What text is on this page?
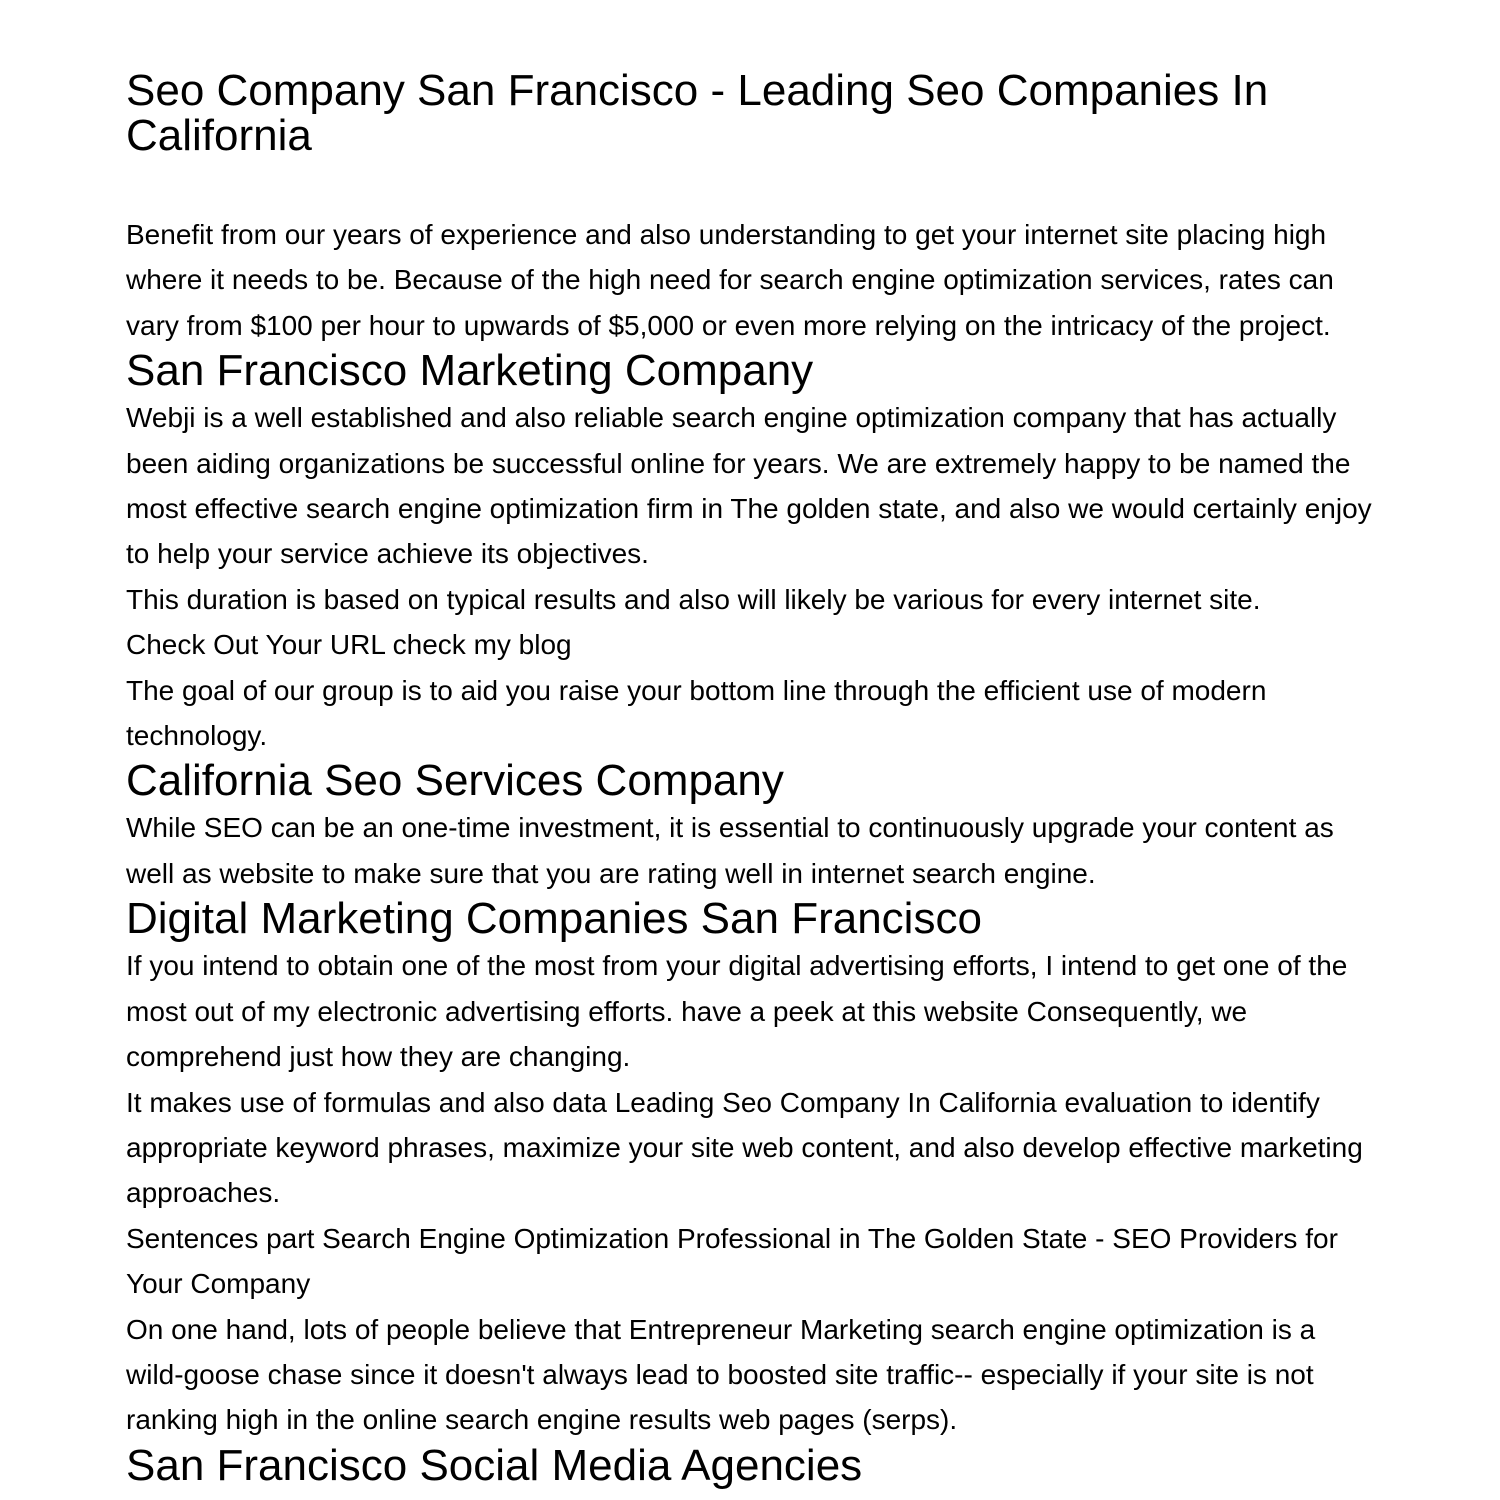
Seo Company San Francisco - Leading Seo Companies In California

Benefit from our years of experience and also understanding to get your internet site placing high where it needs to be. Because of the high need for search engine optimization services, rates can vary from $100 per hour to upwards of $5,000 or even more relying on the intricacy of the project.

San Francisco Marketing Company

Webji is a well established and also reliable search engine optimization company that has actually been aiding organizations be successful online for years. We are extremely happy to be named the most effective search engine optimization firm in The golden state, and also we would certainly enjoy to help your service achieve its objectives.

This duration is based on typical results and also will likely be various for every internet site.

Check Out Your URL check my blog

The goal of our group is to aid you raise your bottom line through the efficient use of modern technology.

California Seo Services Company

While SEO can be an one-time investment, it is essential to continuously upgrade your content as well as website to make sure that you are rating well in internet search engine.

Digital Marketing Companies San Francisco

If you intend to obtain one of the most from your digital advertising efforts, I intend to get one of the most out of my electronic advertising efforts. have a peek at this website Consequently, we comprehend just how they are changing.

It makes use of formulas and also data Leading Seo Company In California evaluation to identify appropriate keyword phrases, maximize your site web content, and also develop effective marketing approaches.

Sentences part Search Engine Optimization Professional in The Golden State - SEO Providers for Your Company

On one hand, lots of people believe that Entrepreneur Marketing search engine optimization is a wild-goose chase since it doesn't always lead to boosted site traffic-- especially if your site is not ranking high in the online search engine results web pages (serps).

San Francisco Social Media Agencies
